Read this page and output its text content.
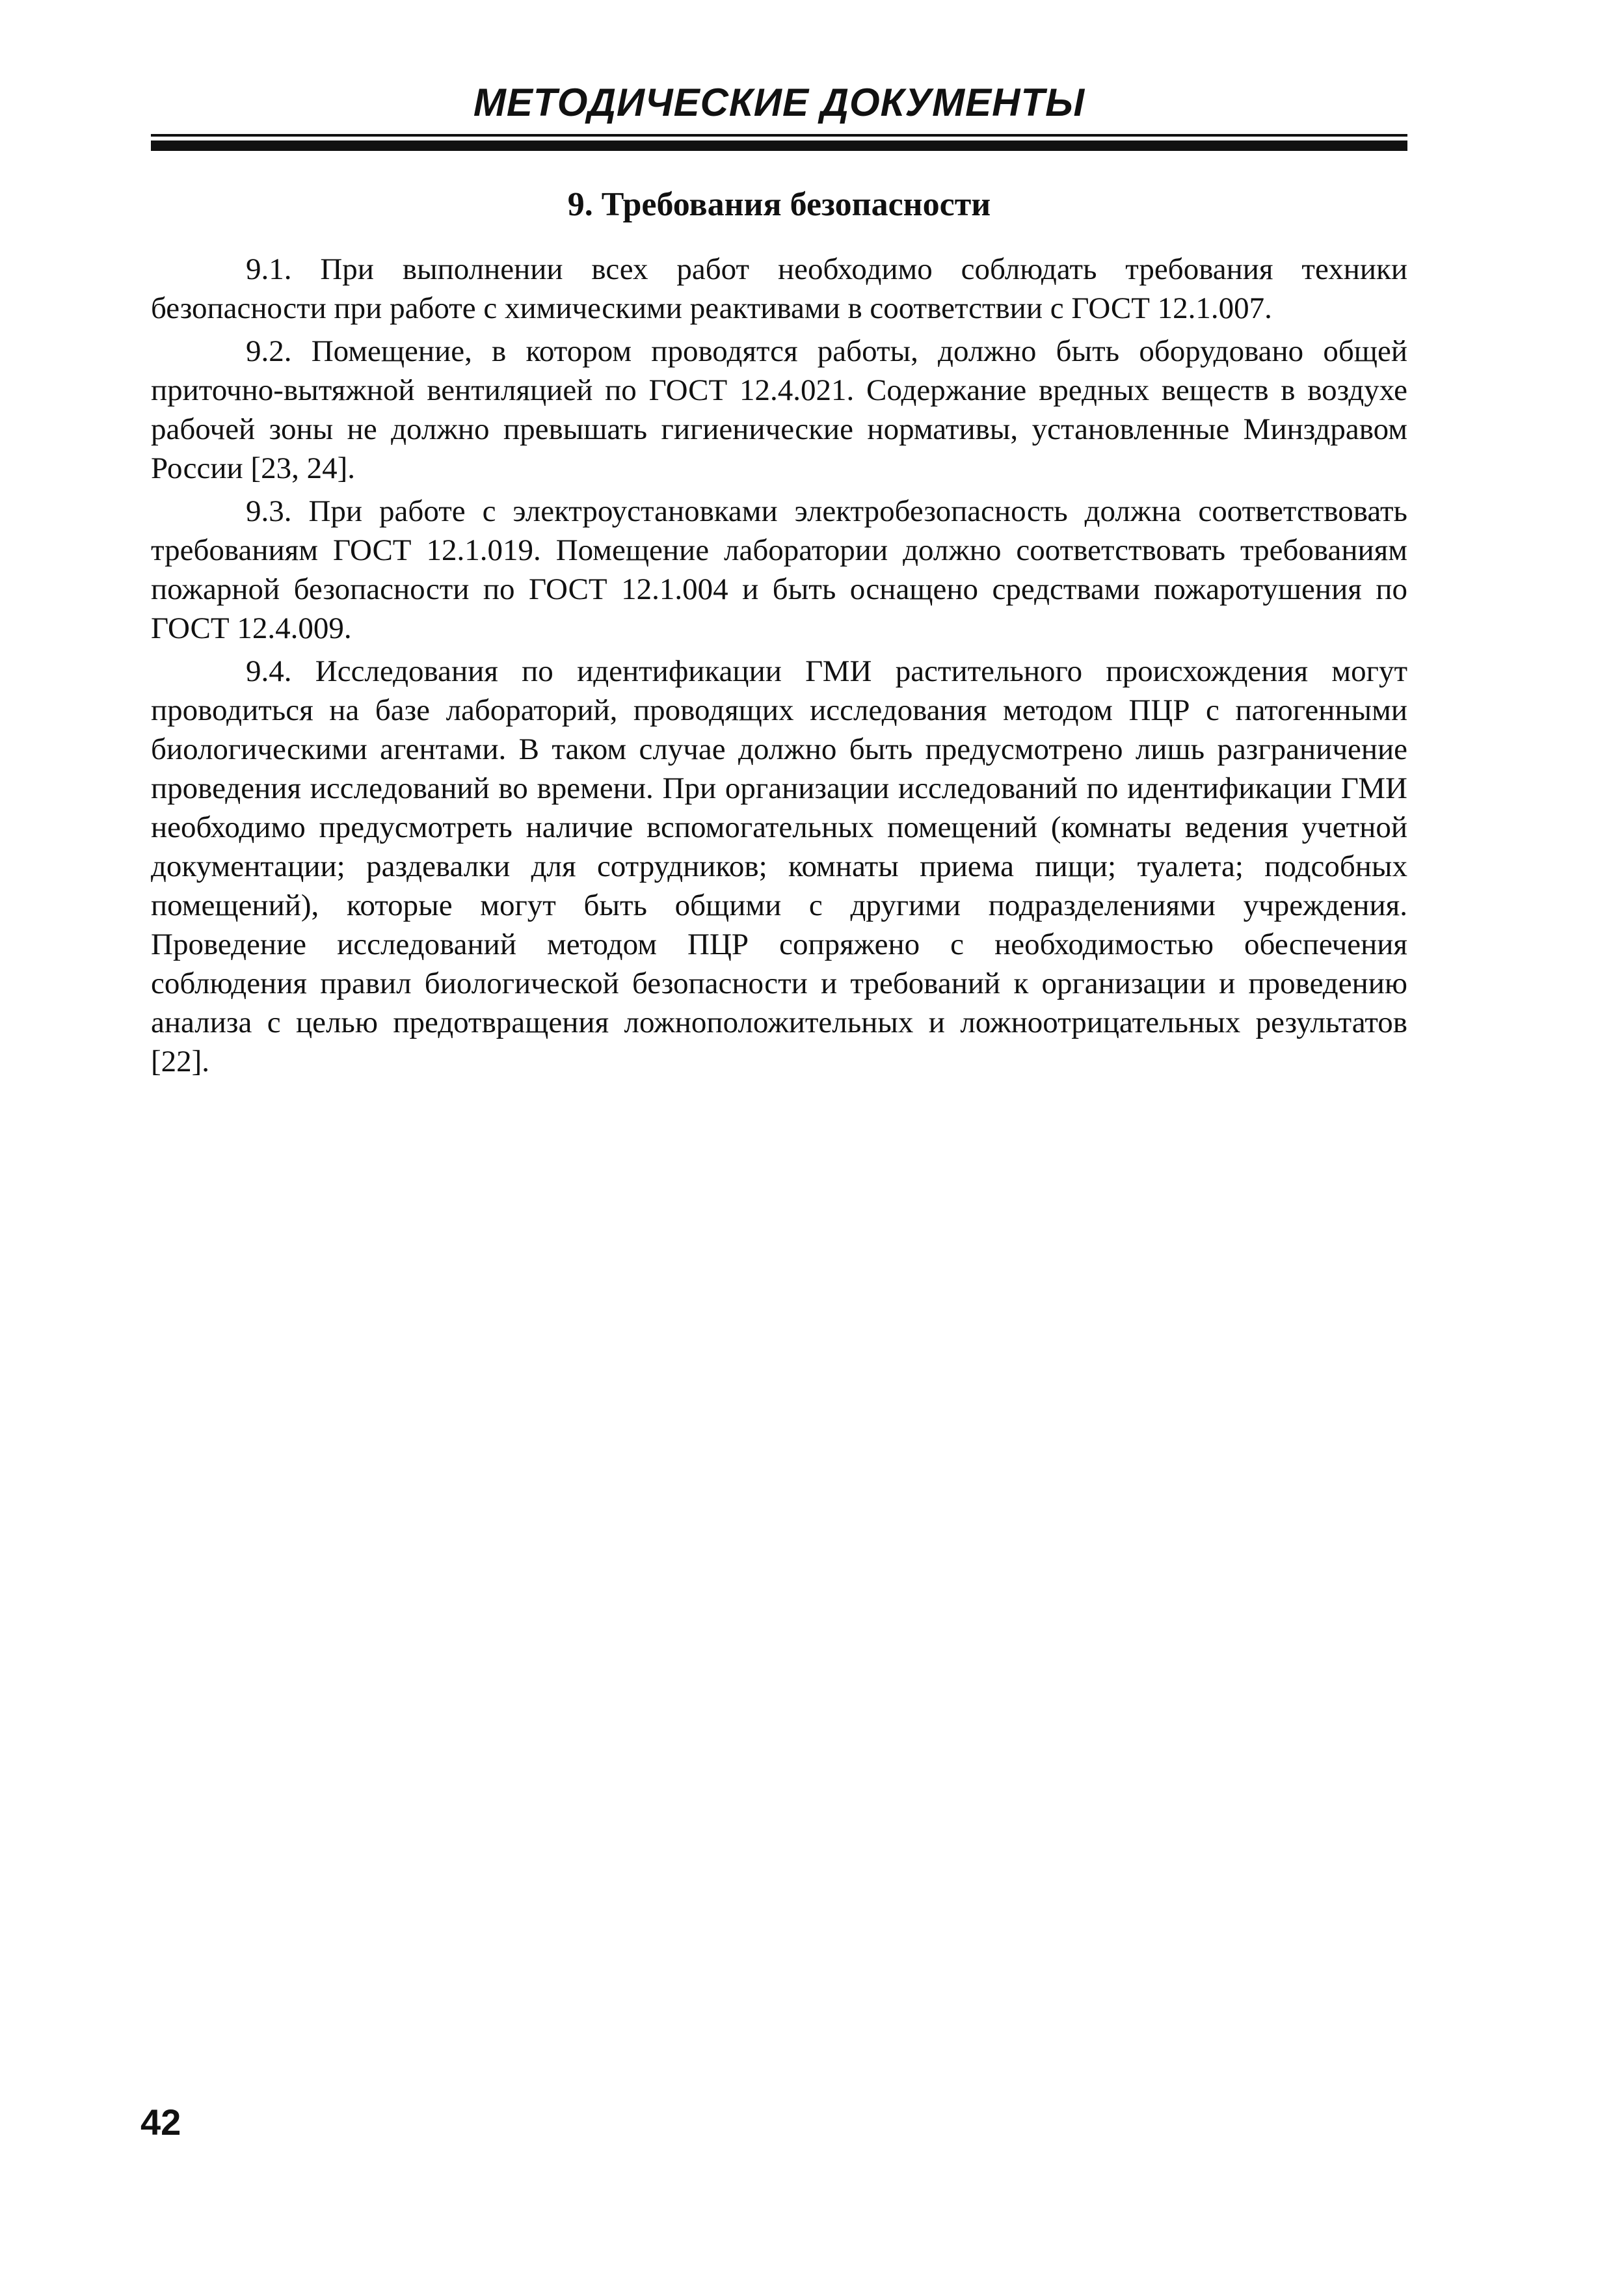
МЕТОДИЧЕСКИЕ ДОКУМЕНТЫ
9. Требования безопасности

9.1. При выполнении всех работ необходимо соблюдать требования техники безопасности при работе с химическими реактивами в соответствии с ГОСТ 12.1.007.

9.2. Помещение, в котором проводятся работы, должно быть оборудовано общей приточно-вытяжной вентиляцией по ГОСТ 12.4.021. Содержание вредных веществ в воздухе рабочей зоны не должно превышать гигиенические нормативы, установленные Минздравом России [23, 24].

9.3. При работе с электроустановками электробезопасность должна соответствовать требованиям ГОСТ 12.1.019. Помещение лаборатории должно соответствовать требованиям пожарной безопасности по ГОСТ 12.1.004 и быть оснащено средствами пожаротушения по ГОСТ 12.4.009.

9.4. Исследования по идентификации ГМИ растительного происхождения могут проводиться на базе лабораторий, проводящих исследования методом ПЦР с патогенными биологическими агентами. В таком случае должно быть предусмотрено лишь разграничение проведения исследований во времени. При организации исследований по идентификации ГМИ необходимо предусмотреть наличие вспомогательных помещений (комнаты ведения учетной документации; раздевалки для сотрудников; комнаты приема пищи; туалета; подсобных помещений), которые могут быть общими с другими подразделениями учреждения. Проведение исследований методом ПЦР сопряжено с необходимостью обеспечения соблюдения правил биологической безопасности и требований к организации и проведению анализа с целью предотвращения ложноположительных и ложноотрицательных результатов [22].

42
